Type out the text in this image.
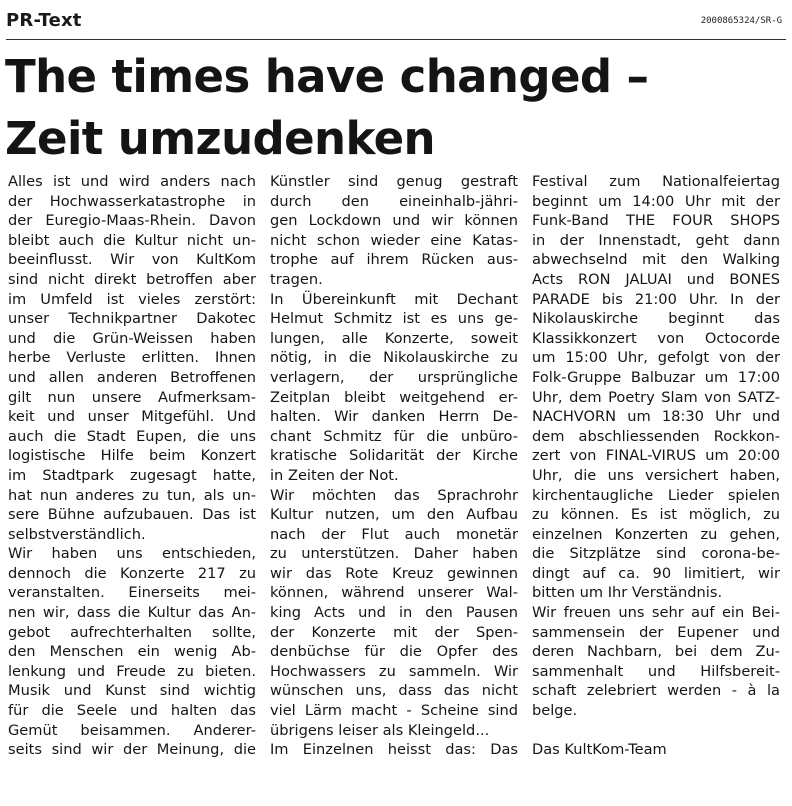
PR-Text	2000865324/SR-G
The times have changed –
Zeit umzudenken
Alles ist und wird anders nach
der Hochwasserkatastrophe in
der Euregio-Maas-Rhein. Davon
bleibt auch die Kultur nicht un-
beeinflusst. Wir von KultKom
sind nicht direkt betroffen aber
im Umfeld ist vieles zerstört:
unser Technikpartner Dakotec
und die Grün-Weissen haben
herbe Verluste erlitten. Ihnen
und allen anderen Betroffenen
gilt nun unsere Aufmerksam-
keit und unser Mitgefühl. Und
auch die Stadt Eupen, die uns
logistische Hilfe beim Konzert
im Stadtpark zugesagt hatte,
hat nun anderes zu tun, als un-
sere Bühne aufzubauen. Das ist
selbstverständlich.
Wir haben uns entschieden,
dennoch die Konzerte 217 zu
veranstalten. Einerseits mei-
nen wir, dass die Kultur das An-
gebot aufrechterhalten sollte,
den Menschen ein wenig Ab-
lenkung und Freude zu bieten.
Musik und Kunst sind wichtig
für die Seele und halten das
Gemüt beisammen. Anderer-
seits sind wir der Meinung, die
Künstler sind genug gestraft
durch den eineinhalb-jähri-
gen Lockdown und wir können
nicht schon wieder eine Katas-
trophe auf ihrem Rücken aus-
tragen.
In Übereinkunft mit Dechant
Helmut Schmitz ist es uns ge-
lungen, alle Konzerte, soweit
nötig, in die Nikolauskirche zu
verlagern, der ursprüngliche
Zeitplan bleibt weitgehend er-
halten. Wir danken Herrn De-
chant Schmitz für die unbüro-
kratische Solidarität der Kirche
in Zeiten der Not.
Wir möchten das Sprachrohr
Kultur nutzen, um den Aufbau
nach der Flut auch monetär
zu unterstützen. Daher haben
wir das Rote Kreuz gewinnen
können, während unserer Wal-
king Acts und in den Pausen
der Konzerte mit der Spen-
denbüchse für die Opfer des
Hochwassers zu sammeln. Wir
wünschen uns, dass das nicht
viel Lärm macht - Scheine sind
übrigens leiser als Kleingeld...
Im Einzelnen heisst das: Das
Festival zum Nationalfeiertag
beginnt um 14:00 Uhr mit der
Funk-Band THE FOUR SHOPS
in der Innenstadt, geht dann
abwechselnd mit den Walking
Acts RON JALUAI und BONES
PARADE bis 21:00 Uhr. In der
Nikolauskirche beginnt das
Klassikkonzert von Octocorde
um 15:00 Uhr, gefolgt von der
Folk-Gruppe Balbuzar um 17:00
Uhr, dem Poetry Slam von SATZ-
NACHVORN um 18:30 Uhr und
dem abschliessenden Rockkon-
zert von FINAL-VIRUS um 20:00
Uhr, die uns versichert haben,
kirchentaugliche Lieder spielen
zu können. Es ist möglich, zu
einzelnen Konzerten zu gehen,
die Sitzplätze sind corona-be-
dingt auf ca. 90 limitiert, wir
bitten um Ihr Verständnis.
Wir freuen uns sehr auf ein Bei-
sammensein der Eupener und
deren Nachbarn, bei dem Zu-
sammenhalt und Hilfsbereit-
schaft zelebriert werden - à la
belge.
Das KultKom-Team
